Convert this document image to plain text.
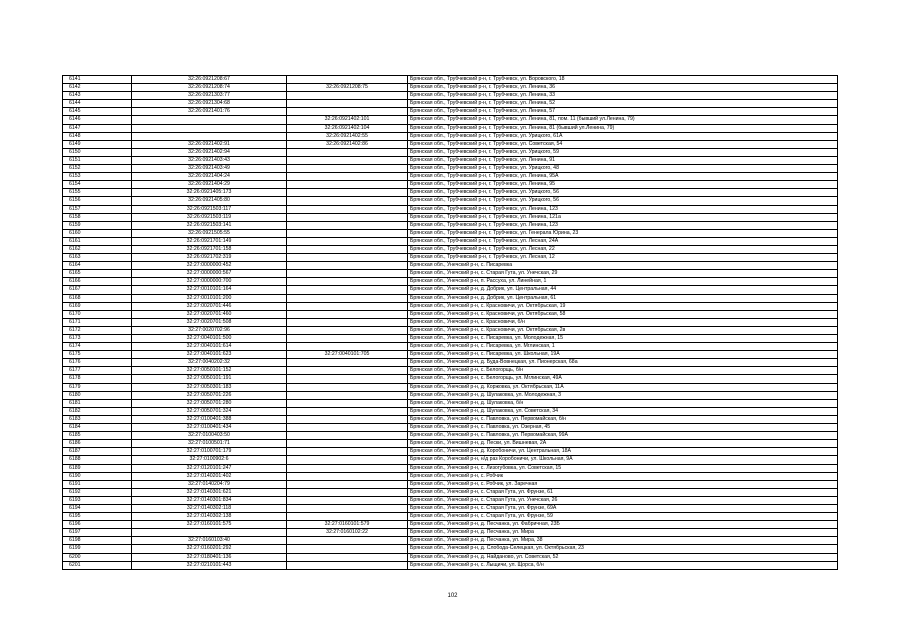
6141	32:26:0921208:67		Брянская обл., Трубчевский р-н, г. Трубчевск, ул. Воровского, 18
6142	32:26:0921208:74	32:26:0921208:75	Брянская обл., Трубчевский р-н, г. Трубчевск, ул. Ленина, 36
6143	32:26:0921303:77		Брянская обл., Трубчевский р-н, г. Трубчевск, ул. Ленина, 33
6144	32:26:0921304:68		Брянская обл., Трубчевский р-н, г. Трубчевск, ул. Ленина, 52
6145	32:26:0921401:76		Брянская обл., Трубчевский р-н, г. Трубчевск, ул. Ленина, 57
6146		32:26:0921402:101	Брянская обл., Трубчевский р-н, г. Трубчевск, ул. Ленина, 81, пом. 11 (бывший ул.Ленина, 79)
6147		32:26:0921402:104	Брянская обл., Трубчевский р-н, г. Трубчевск, ул. Ленина, 81 (бывший ул.Ленина, 79)
6148		32:26:0921402:55	Брянская обл., Трубчевский р-н, г. Трубчевск, ул. Урицкого, 61А
6149	32:26:0921402:91	32:26:0921402:86	Брянская обл., Трубчевский р-н, г. Трубчевск, ул. Советская, 54
6150	32:26:0921402:94		Брянская обл., Трубчевский р-н, г. Трубчевск, ул. Урицкого, 59
6151	32:26:0921403:43		Брянская обл., Трубчевский р-н, г. Трубчевск, ул. Ленина, 91
6152	32:26:0921403:49		Брянская обл., Трубчевский р-н, г. Трубчевск, ул. Урицкого, 48
6153	32:26:0921404:24		Брянская обл., Трубчевский р-н, г. Трубчевск, ул. Ленина, 95А
6154	32:26:0921404:29		Брянская обл., Трубчевский р-н, г. Трубчевск, ул. Ленина, 95
6155	32:26:0921405:173		Брянская обл., Трубчевский р-н, г. Трубчевск, ул. Урицкого, 56
6156	32:26:0921405:80		Брянская обл., Трубчевский р-н, г. Трубчевск, ул. Урицкого, 56
6157	32:26:0921503:117		Брянская обл., Трубчевский р-н, г. Трубчевск, ул. Ленина, 123
6158	32:26:0921503:119		Брянская обл., Трубчевский р-н, г. Трубчевск, ул. Ленина, 121а
6159	32:26:0921503:141		Брянская обл., Трубчевский р-н, г. Трубчевск, ул. Ленина, 123
6160	32:26:0921505:55		Брянская обл., Трубчевский р-н, г. Трубчевск, ул. Генерала Юрина, 23
6161	32:26:0921701:149		Брянская обл., Трубчевский р-н, г. Трубчевск, ул. Лесная, 24А
6162	32:26:0921701:158		Брянская обл., Трубчевский р-н, г. Трубчевск, ул. Лесная, 22
6163	32:26:0921702:319		Брянская обл., Трубчевский р-н, г. Трубчевск, ул. Лесная, 12
6164	32:27:0000000:452		Брянская обл., Унечский р-н, с. Писаревка
6165	32:27:0000000:567		Брянская обл., Унечский р-н, с. Старая Гута, ул. Унечская, 29
6166	32:27:0000000:700		Брянская обл., Унечский р-н, п. Рассуха, ул. Линейная, 1
6167	32:27:0010101:164		Брянская обл., Унечский р-н, д. Добрик, ул. Центральная, 44
6168	32:27:0010101:200		Брянская обл., Унечский р-н, д. Добрик, ул. Центральная, 61
6169	32:27:0020701:446		Брянская обл., Унечский р-н, с. Красновичи, ул. Октябрьская, 19
6170	32:27:0020701:460		Брянская обл., Унечский р-н, с. Красновичи, ул. Октябрьская, 58
6171	32:27:0020701:508		Брянская обл., Унечский р-н, с. Красновичи, б/н
6172	32:27:0020702:96		Брянская обл., Унечский р-н, с. Красновичи, ул. Октябрьская, 2в
6173	32:27:0040101:500		Брянская обл., Унечский р-н, с. Писаревка, ул. Молодежная, 15
6174	32:27:0040101:614		Брянская обл., Унечский р-н, с. Писаревка, ул. Мглинская, 1
6175	32:27:0040101:623	32:27:0040101:705	Брянская обл., Унечский р-н, с. Писаревка, ул. Школьная, 19А
6176	32:27:0040202:32		Брянская обл., Унечский р-н, д. Буда-Вовнецкая, ул. Пионерская, 68а
6177	32:27:0050101:152		Брянская обл., Унечский р-н, с. Белогорщь, б/н
6178	32:27:0050101:191		Брянская обл., Унечский р-н, с. Белогорщь, ул. Мглинская, 49А
6179	32:27:0050301:183		Брянская обл., Унечский р-н, д. Коржовка, ул. Октябрьская, 11А
6180	32:27:0050701:226		Брянская обл., Унечский р-н, д. Шулаковка, ул. Молодежная, 3
6181	32:27:0050701:280		Брянская обл., Унечский р-н, д. Шулаковка, б/н
6182	32:27:0050701:324		Брянская обл., Унечский р-н, д. Шулаковка, ул. Советская, 34
6183	32:27:0100401:388		Брянская обл., Унечский р-н, с. Павловка, ул. Первомайская, б/н
6184	32:27:0100401:434		Брянская обл., Унечский р-н, с. Павловка, ул. Озерная, 45
6185	32:27:0100403:50		Брянская обл., Унечский р-н, с. Павловка, ул. Первомайская, 99А
6186	32:27:0100501:71		Брянская обл., Унечский р-н, д. Пески, ул. Вишневая, 2А
6187	32:27:0100701:179		Брянская обл., Унечский р-н, д. Коробоничи, ул. Центральная, 18А
6188	32:27:0100902:6		Брянская обл., Унечский р-н, н/д раз Коробоничи, ул. Школьная, 9А
6189	32:27:0120101:247		Брянская обл., Унечский р-н, с. Лизогубовка, ул. Советская, 15
6190	32:27:0140201:402		Брянская обл., Унечский р-н, с. Робчик
6191	32:27:0140204:79		Брянская обл., Унечский р-н, с. Робчик, ул. Заречная
6192	32:27:0140301:621		Брянская обл., Унечский р-н, с. Старая Гута, ул. Фрунзе, 61
6193	32:27:0140301:834		Брянская обл., Унечский р-н, с. Старая Гута, ул. Унечская, 26
6194	32:27:0140302:118		Брянская обл., Унечский р-н, с. Старая Гута, ул. Фрунзе, 69А
6195	32:27:0140302:138		Брянская обл., Унечский р-н, с. Старая Гута, ул. Фрунзе, 59
6196	32:27:0160101:575	32:27:0160101:579	Брянская обл., Унечский р-н, д. Песчанка, ул. Фабричная, 23Б
6197		32:27:0160102:22	Брянская обл., Унечский р-н, д. Песчанка, ул. Мира
6198	32:27:0160103:40		Брянская обл., Унечский р-н, д. Песчанка, ул. Мира, 38
6199	32:27:0160201:292		Брянская обл., Унечский р-н, д. Слобода-Селецкая, ул. Октябрьская, 23
6200	32:27:0180401:136		Брянская обл., Унечский р-н, д. Найданово, ул. Советская, 52
6201	32:27:0210101:443		Брянская обл., Унечский р-н, с. Лыщичи, ул. Щорса, б/н
102
